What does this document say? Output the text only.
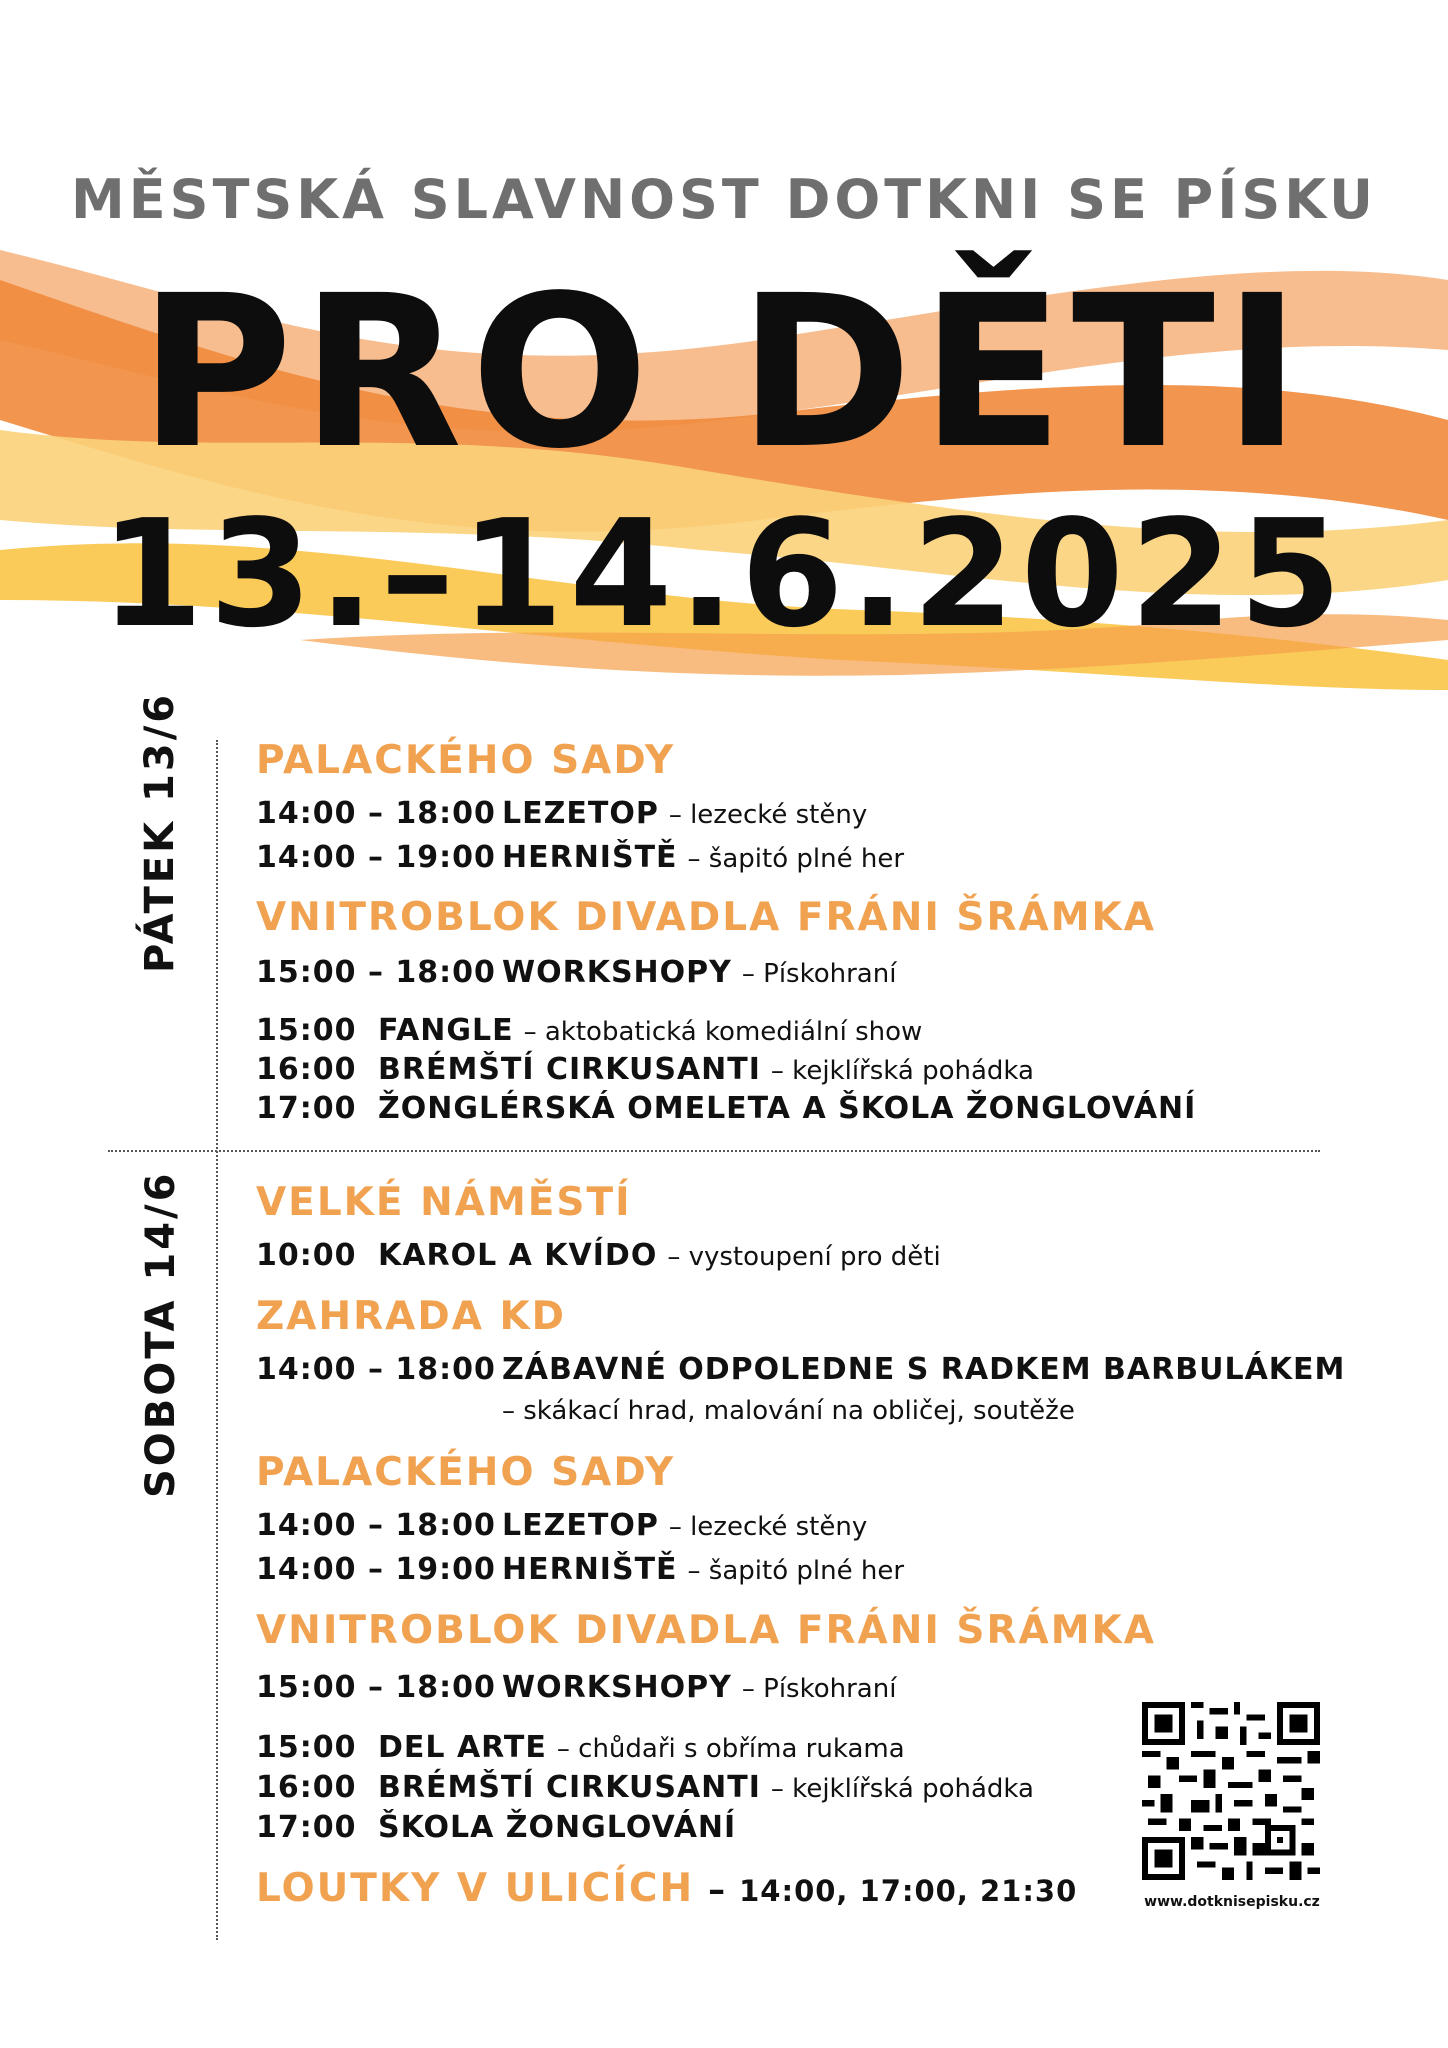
MĚSTSKÁ SLAVNOST DOTKNI SE PÍSKU
PRO DĚTI
13.–14.6.2025
PÁTEK 13/6
SOBOTA 14/6
PALACKÉHO SADY
14:00 – 18:00 LEZETOP – lezecké stěny
14:00 – 19:00 HERNIŠTĚ – šapitó plné her
VNITROBLOK DIVADLA FRÁNI ŠRÁMKA
15:00 – 18:00 WORKSHOPY – Pískohraní
15:00 FANGLE – aktobatická komediální show
16:00 BRÉMŠTÍ CIRKUSANTI – kejklířská pohádka
17:00 ŽONGLÉRSKÁ OMELETA A ŠKOLA ŽONGLOVÁNÍ
VELKÉ NÁMĚSTÍ
10:00 KAROL A KVÍDO – vystoupení pro děti
ZAHRADA KD
14:00 – 18:00 ZÁBAVNÉ ODPOLEDNE S RADKEM BARBULÁKEM
– skákací hrad, malování na obličej, soutěže
PALACKÉHO SADY
14:00 – 18:00 LEZETOP – lezecké stěny
14:00 – 19:00 HERNIŠTĚ – šapitó plné her
VNITROBLOK DIVADLA FRÁNI ŠRÁMKA
15:00 – 18:00 WORKSHOPY – Pískohraní
15:00 DEL ARTE – chůdaři s obříma rukama
16:00 BRÉMŠTÍ CIRKUSANTI – kejklířská pohádka
17:00 ŠKOLA ŽONGLOVÁNÍ
LOUTKY V ULICÍCH – 14:00, 17:00, 21:30	www.dotknisepisku.cz
